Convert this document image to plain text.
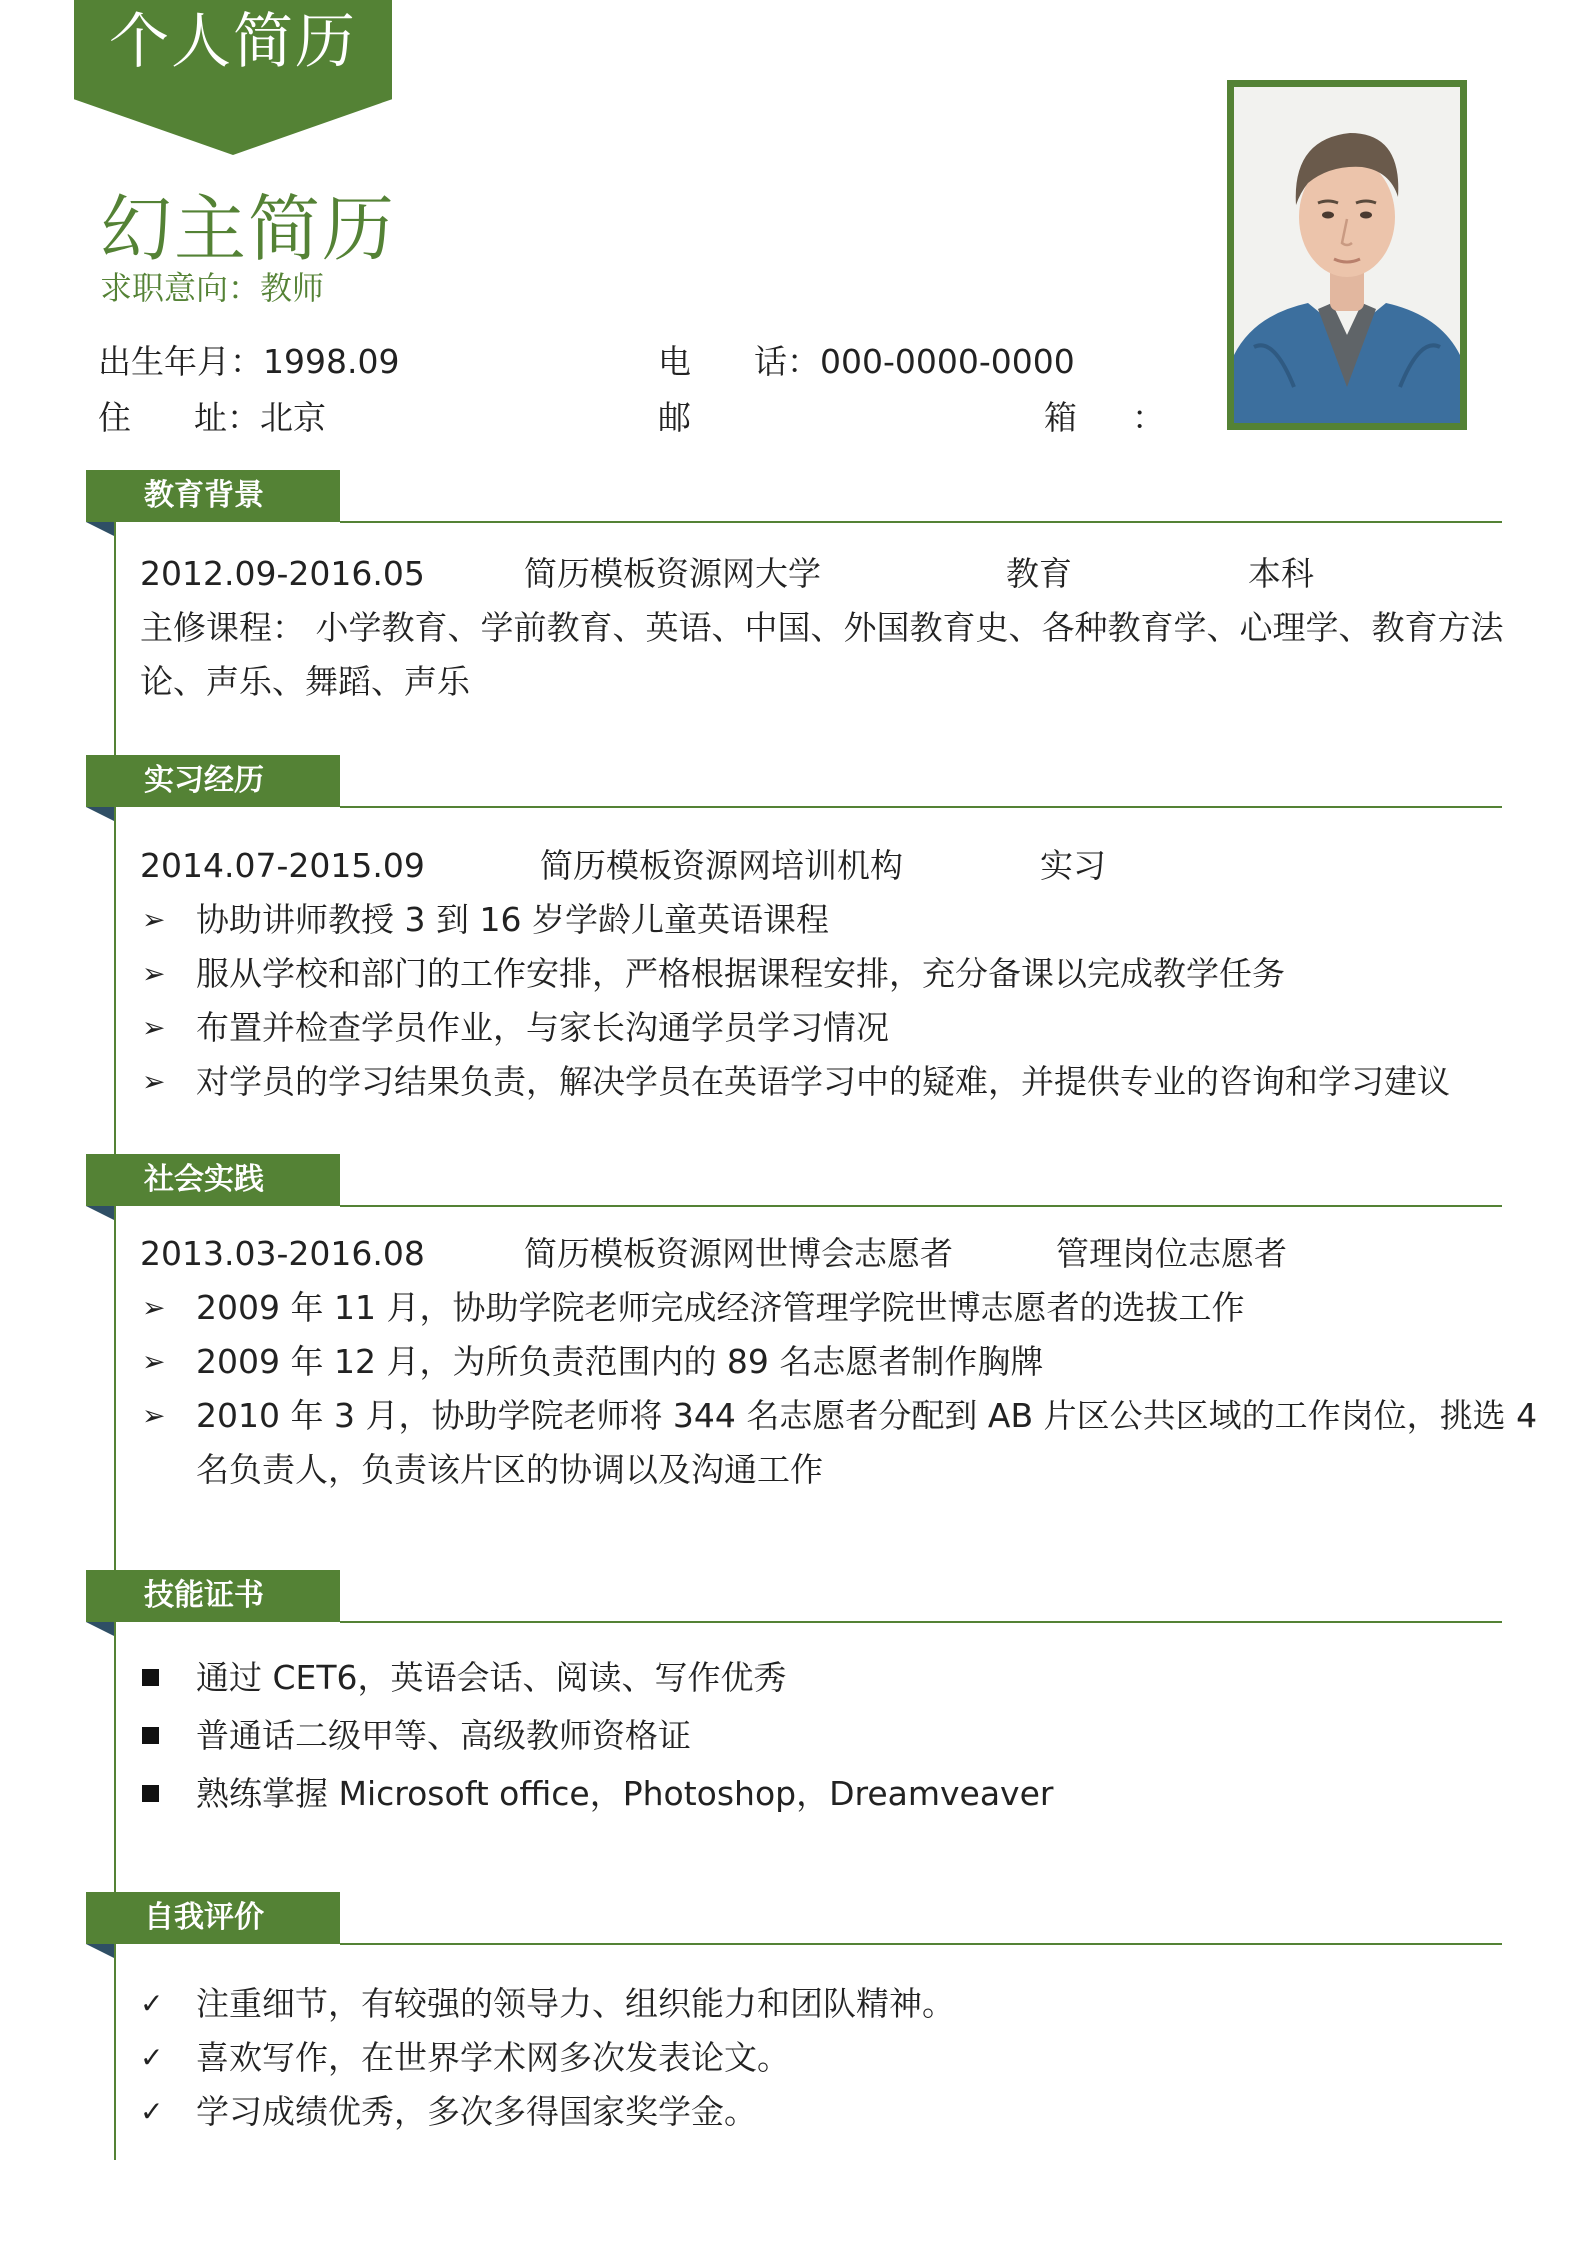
个人简历
幻主简历
求职意向：教师
出生年月：1998.09	电 话：000-0000-0000
住 址：北京	邮	箱 ：
教育背景
2012.09-2016.05	简历模板资源网大学	教育	本科
主修课程： 小学教育、学前教育、英语、中国、外国教育史、各种教育学、心理学、教育方法
论、声乐、舞蹈、声乐
实习经历
2014.07-2015.09	简历模板资源网培训机构	实习
➢ 协助讲师教授 3 到 16 岁学龄儿童英语课程
➢ 服从学校和部门的工作安排，严格根据课程安排，充分备课以完成教学任务
➢ 布置并检查学员作业，与家长沟通学员学习情况
➢ 对学员的学习结果负责，解决学员在英语学习中的疑难，并提供专业的咨询和学习建议
社会实践
2013.03-2016.08	简历模板资源网世博会志愿者	管理岗位志愿者
➢ 2009 年 11 月，协助学院老师完成经济管理学院世博志愿者的选拔工作
➢ 2009 年 12 月，为所负责范围内的 89 名志愿者制作胸牌
➢ 2010 年 3 月，协助学院老师将 344 名志愿者分配到 AB 片区公共区域的工作岗位，挑选 4
名负责人，负责该片区的协调以及沟通工作
技能证书
通过 CET6，英语会话、阅读、写作优秀
普通话二级甲等、高级教师资格证
熟练掌握 Microsoft office，Photoshop，Dreamveaver
自我评价
✓ 注重细节，有较强的领导力、组织能力和团队精神。
✓ 喜欢写作，在世界学术网多次发表论文。
✓ 学习成绩优秀，多次多得国家奖学金。
